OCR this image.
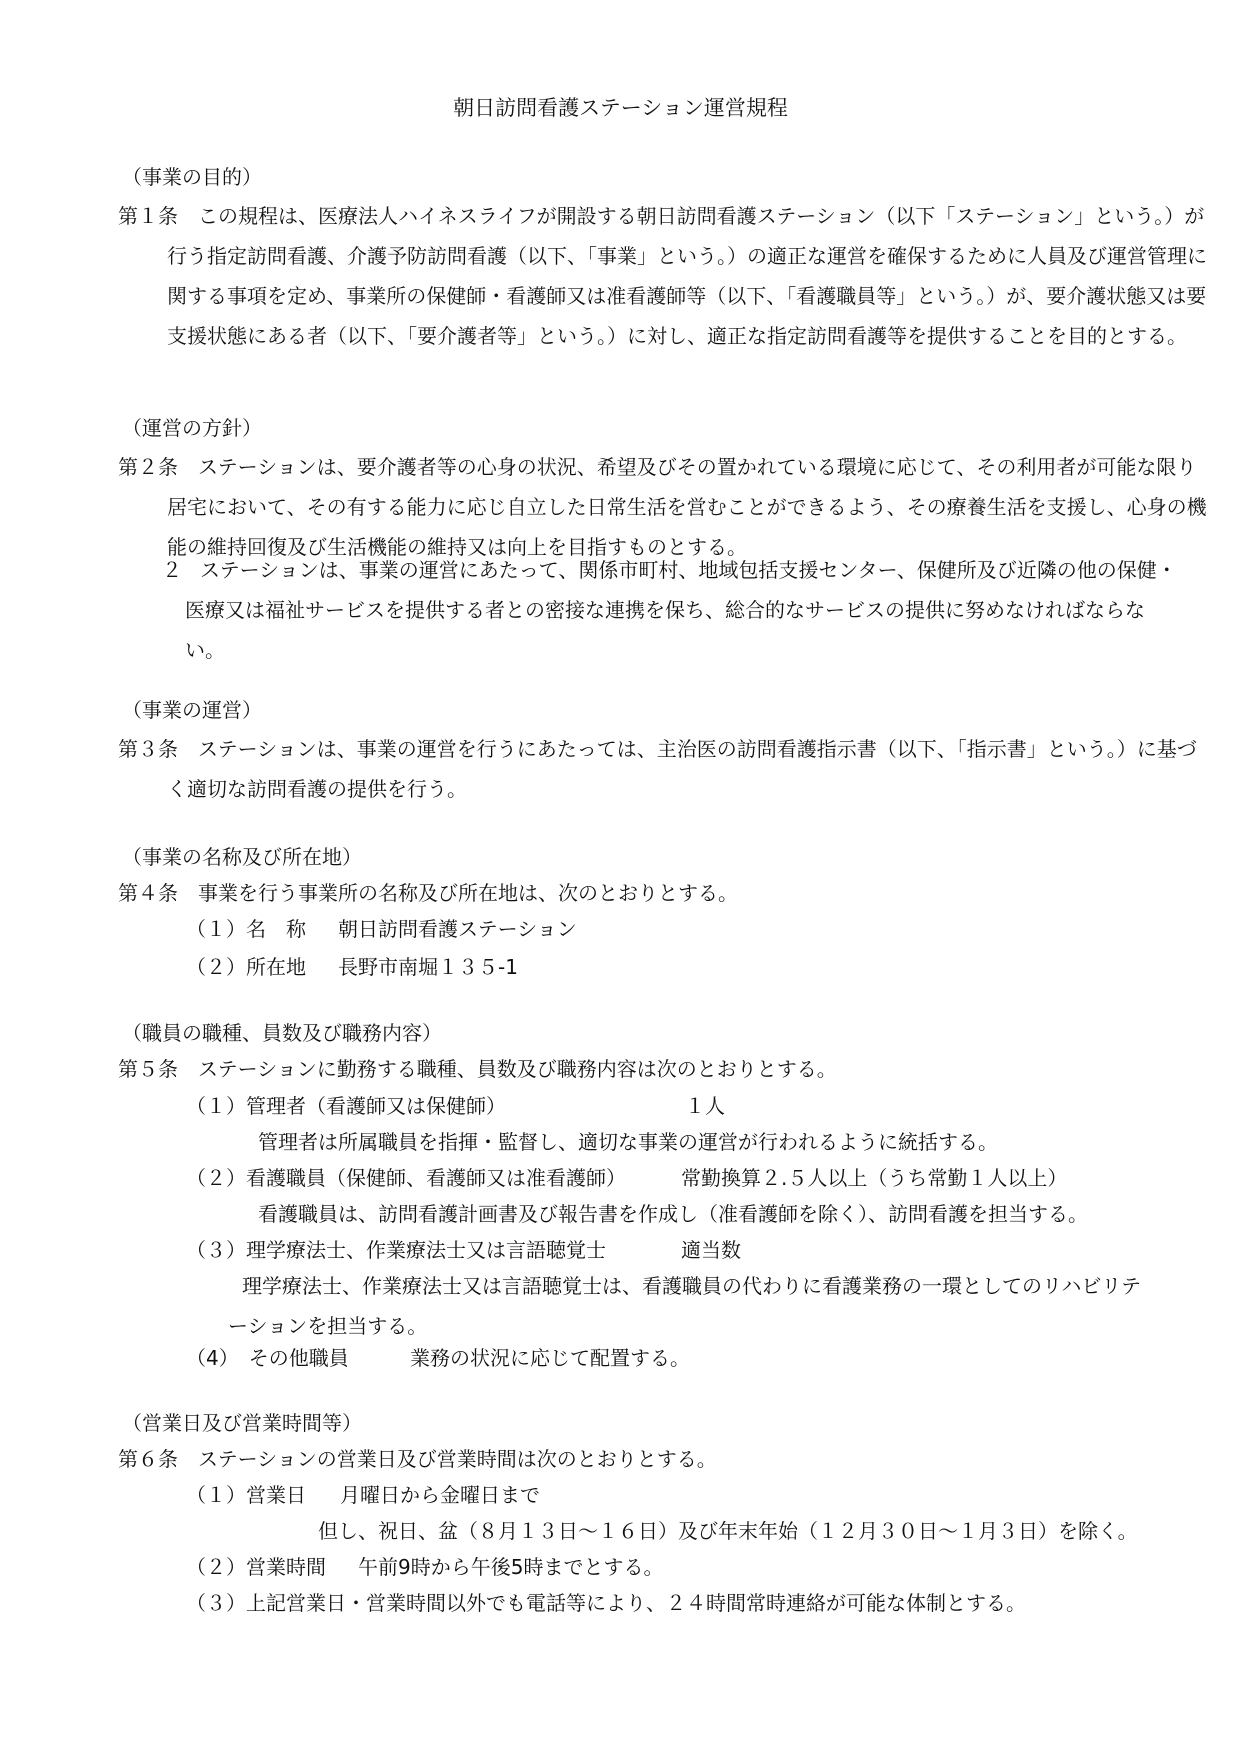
朝日訪問看護ステーション運営規程
（事業の目的）
第１条 この規程は、医療法人ハイネスライフが開設する朝日訪問看護ステーション（以下「ステーション」という。）が行う指定訪問看護、介護予防訪問看護（以下、「事業」という。）の適正な運営を確保するために人員及び運営管理に関する事項を定め、事業所の保健師・看護師又は准看護師等（以下、「看護職員等」という。）が、要介護状態又は要支援状態にある者（以下、「要介護者等」という。）に対し、適正な指定訪問看護等を提供することを目的とする。
（運営の方針）
第２条 ステーションは、要介護者等の心身の状況、希望及びその置かれている環境に応じて、その利用者が可能な限り居宅において、その有する能力に応じ自立した日常生活を営むことができるよう、その療養生活を支援し、心身の機能の維持回復及び生活機能の維持又は向上を目指すものとする。
２ ステーションは、事業の運営にあたって、関係市町村、地域包括支援センター、保健所及び近隣の他の保健・医療又は福祉サービスを提供する者との密接な連携を保ち、総合的なサービスの提供に努めなければならない。
（事業の運営）
第３条 ステーションは、事業の運営を行うにあたっては、主治医の訪問看護指示書（以下、「指示書」という。）に基づく適切な訪問看護の提供を行う。
（事業の名称及び所在地）
第４条 事業を行う事業所の名称及び所在地は、次のとおりとする。
（１）名　称 朝日訪問看護ステーション
（２）所在地 長野市南堀１３５-1
（職員の職種、員数及び職務内容）
第５条 ステーションに勤務する職種、員数及び職務内容は次のとおりとする。
（１）管理者（看護師又は保健師）	１人
管理者は所属職員を指揮・監督し、適切な事業の運営が行われるように統括する。
（２）看護職員（保健師、看護師又は准看護師）	常勤換算２.５人以上（うち常勤１人以上）
看護職員は、訪問看護計画書及び報告書を作成し（准看護師を除く）、訪問看護を担当する。
（３）理学療法士、作業療法士又は言語聴覚士	適当数
理学療法士、作業療法士又は言語聴覚士は、看護職員の代わりに看護業務の一環としてのリハビリテーションを担当する。
（4）　その他職員	業務の状況に応じて配置する。
（営業日及び営業時間等）
第６条 ステーションの営業日及び営業時間は次のとおりとする。
（１）営業日 月曜日から金曜日まで
但し、祝日、盆（８月１３日～１６日）及び年末年始（１２月３０日～１月３日）を除く。
（２）営業時間 午前9時から午後5時までとする。
（３）上記営業日・営業時間以外でも電話等により、２４時間常時連絡が可能な体制とする。
